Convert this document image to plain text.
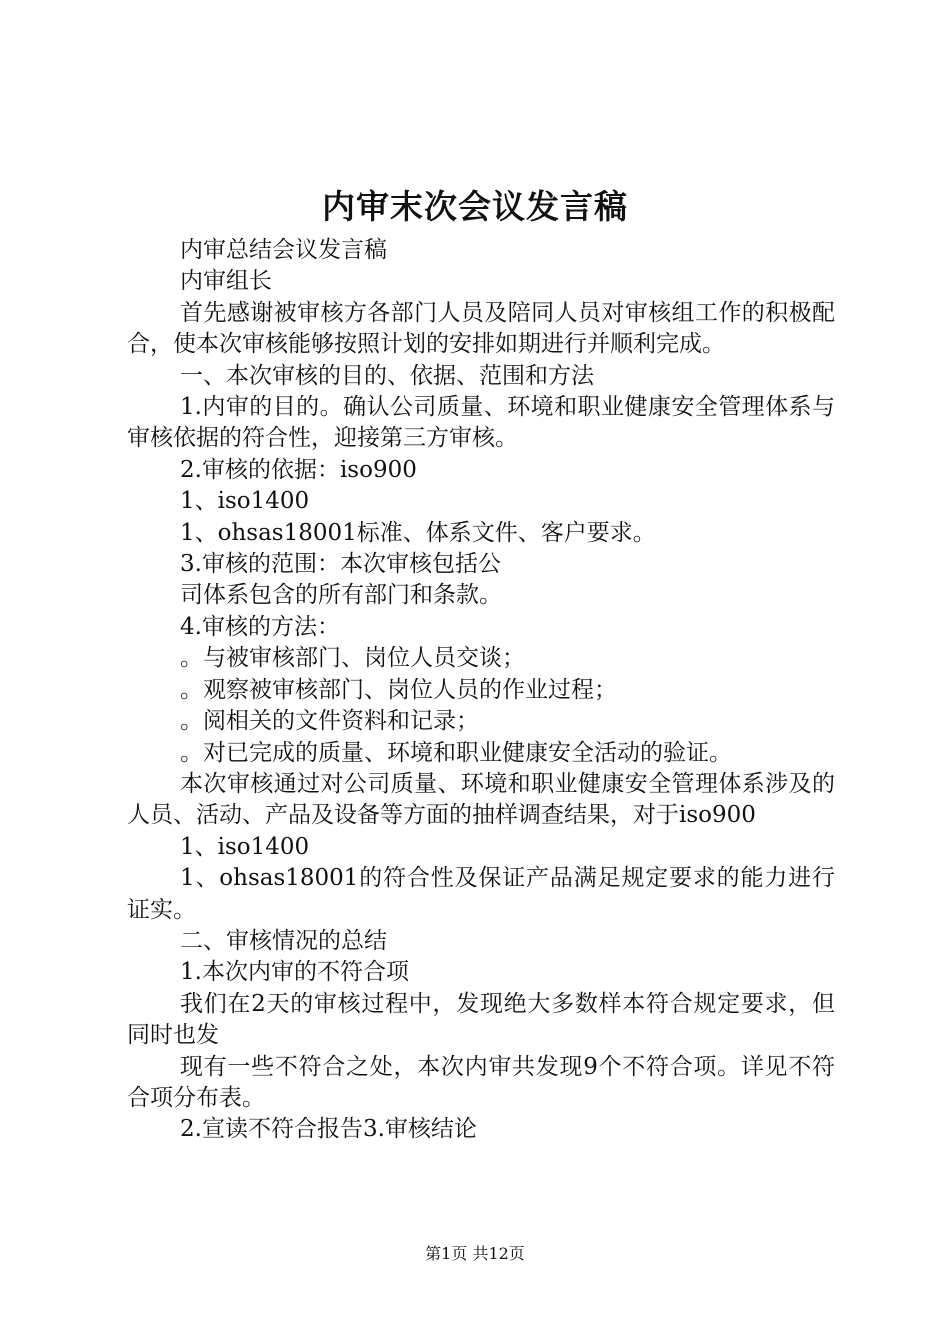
内审末次会议发言稿

内审总结会议发言稿

内审组长

首先感谢被审核方各部门人员及陪同人员对审核组工作的积极配合，使本次审核能够按照计划的安排如期进行并顺利完成。

一、本次审核的目的、依据、范围和方法

1.内审的目的。确认公司质量、环境和职业健康安全管理体系与审核依据的符合性，迎接第三方审核。

2.审核的依据：iso900

1、iso1400

1、ohsas18001标准、体系文件、客户要求。

3.审核的范围：本次审核包括公

司体系包含的所有部门和条款。

4.审核的方法：

。与被审核部门、岗位人员交谈；

。观察被审核部门、岗位人员的作业过程；

。阅相关的文件资料和记录；

。对已完成的质量、环境和职业健康安全活动的验证。

本次审核通过对公司质量、环境和职业健康安全管理体系涉及的人员、活动、产品及设备等方面的抽样调查结果，对于iso900

1、iso1400

1、ohsas18001的符合性及保证产品满足规定要求的能力进行证实。

二、审核情况的总结

1.本次内审的不符合项

我们在2天的审核过程中，发现绝大多数样本符合规定要求，但同时也发

现有一些不符合之处，本次内审共发现9个不符合项。详见不符合项分布表。

2.宣读不符合报告3.审核结论

第1页 共12页
